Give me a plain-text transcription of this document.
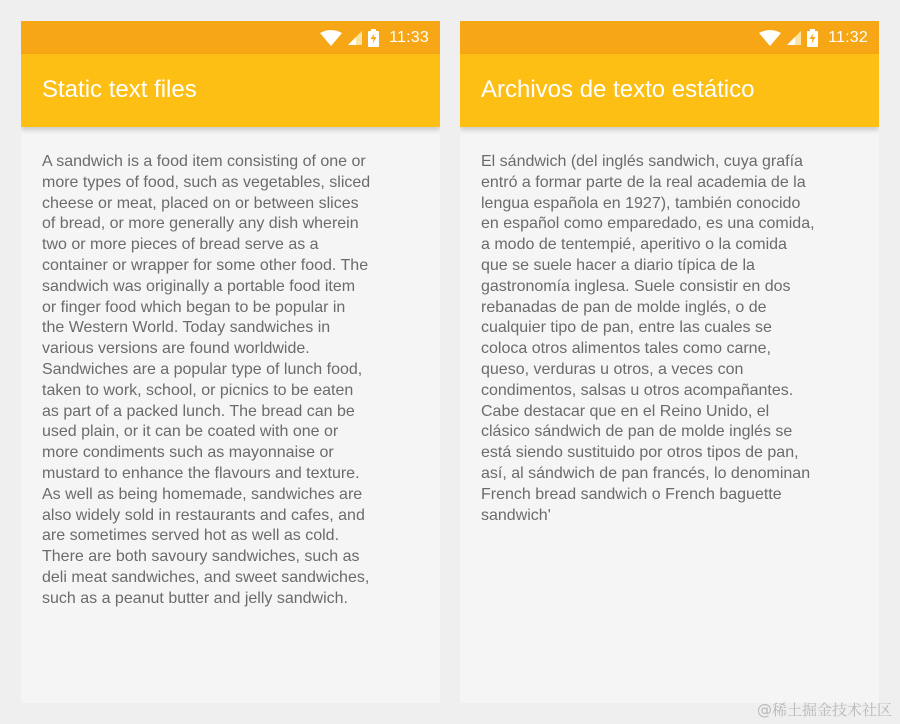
11:33
Static text files
A sandwich is a food item consisting of one or
more types of food, such as vegetables, sliced
cheese or meat, placed on or between slices
of bread, or more generally any dish wherein
two or more pieces of bread serve as a
container or wrapper for some other food. The
sandwich was originally a portable food item
or finger food which began to be popular in
the Western World. Today sandwiches in
various versions are found worldwide.
Sandwiches are a popular type of lunch food,
taken to work, school, or picnics to be eaten
as part of a packed lunch. The bread can be
used plain, or it can be coated with one or
more condiments such as mayonnaise or
mustard to enhance the flavours and texture.
As well as being homemade, sandwiches are
also widely sold in restaurants and cafes, and
are sometimes served hot as well as cold.
There are both savoury sandwiches, such as
deli meat sandwiches, and sweet sandwiches,
such as a peanut butter and jelly sandwich.
11:32
Archivos de texto estático
El sándwich (del inglés sandwich, cuya grafía
entró a formar parte de la real academia de la
lengua española en 1927), también conocido
en español como emparedado, es una comida,
a modo de tentempié, aperitivo o la comida
que se suele hacer a diario típica de la
gastronomía inglesa. Suele consistir en dos
rebanadas de pan de molde inglés, o de
cualquier tipo de pan, entre las cuales se
coloca otros alimentos tales como carne,
queso, verduras u otros, a veces con
condimentos, salsas u otros acompañantes.
Cabe destacar que en el Reino Unido, el
clásico sándwich de pan de molde inglés se
está siendo sustituido por otros tipos de pan,
así, al sándwich de pan francés, lo denominan
French bread sandwich o French baguette
sandwich'
@稀土掘金技术社区
